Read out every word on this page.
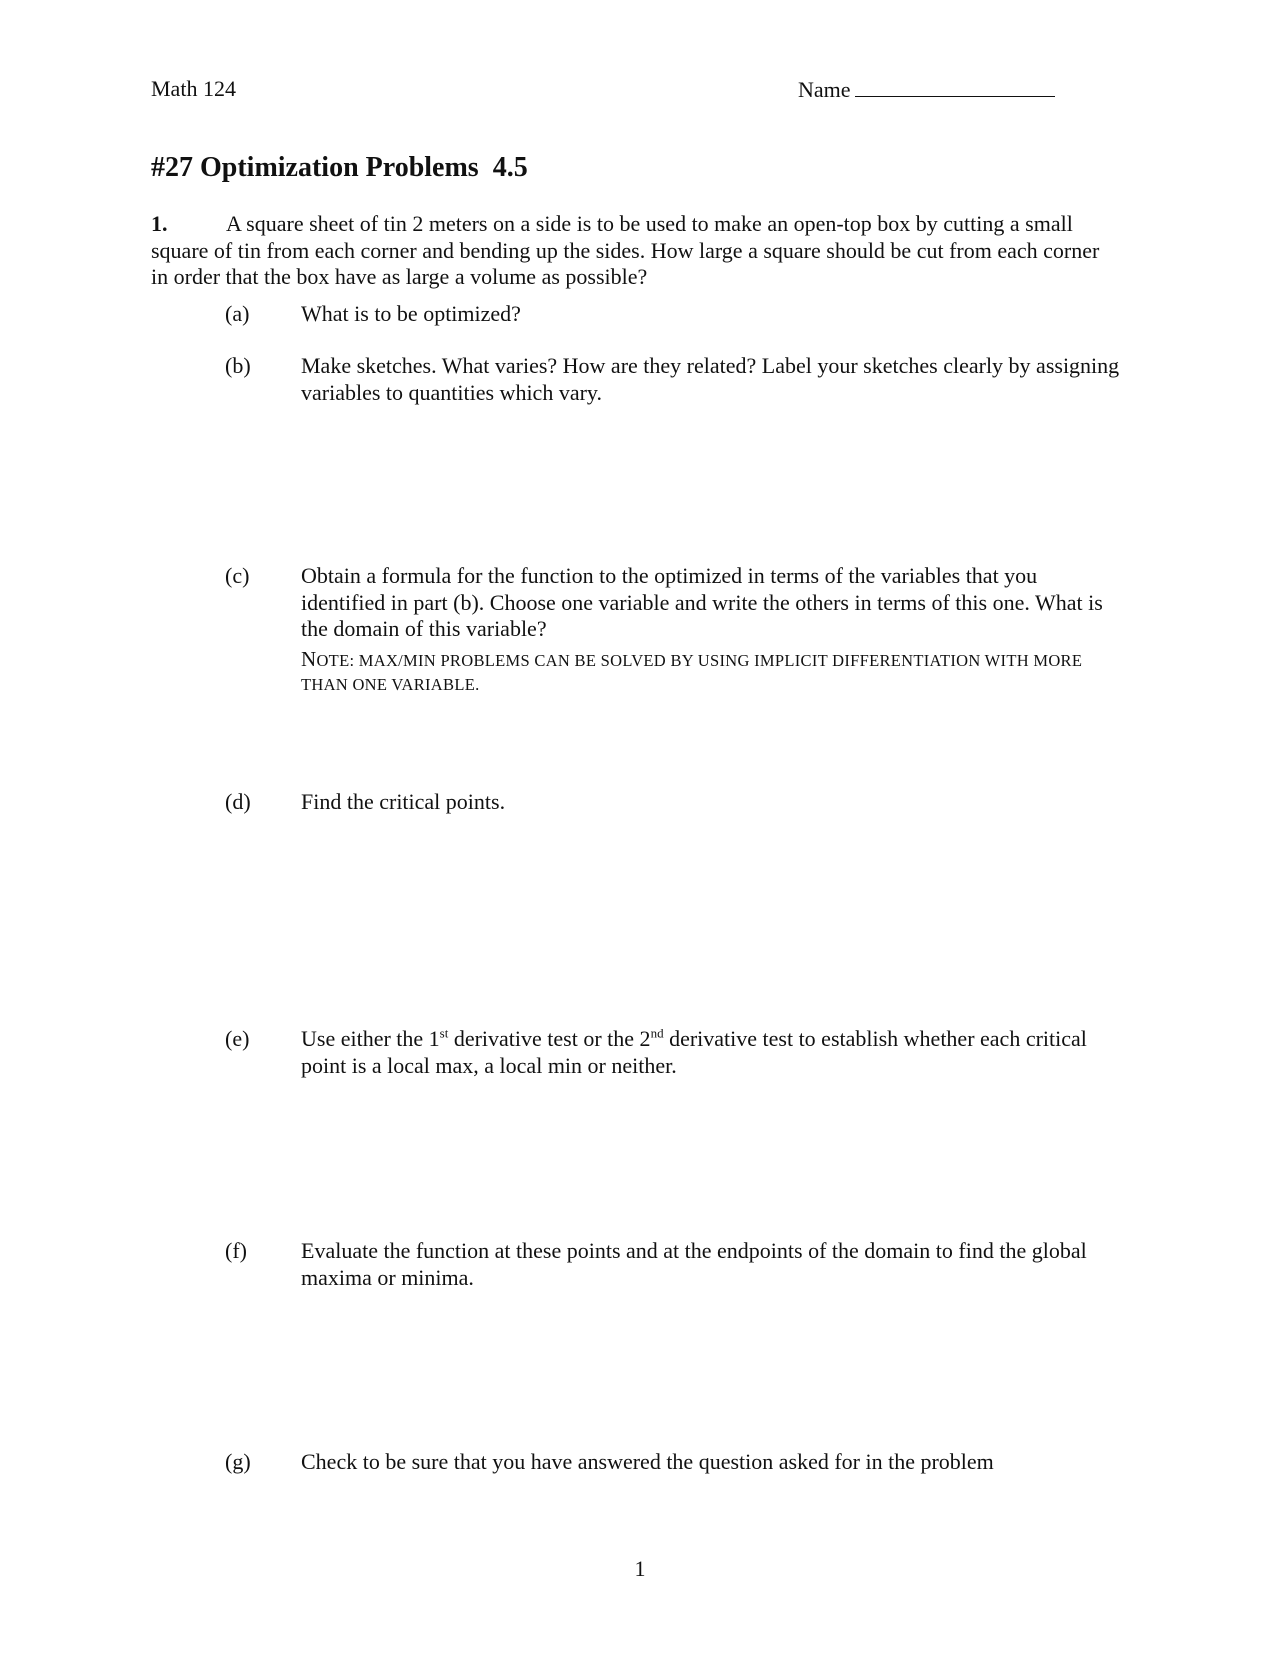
Math 124	Name
#27 Optimization Problems  4.5
1.	A square sheet of tin 2 meters on a side is to be used to make an open-top box by cutting a small square of tin from each corner and bending up the sides. How large a square should be cut from each corner in order that the box have as large a volume as possible?
(a)	What is to be optimized?
(b)	Make sketches. What varies? How are they related? Label your sketches clearly by assigning variables to quantities which vary.
(c)	Obtain a formula for the function to the optimized in terms of the variables that you identified in part (b). Choose one variable and write the others in terms of this one. What is the domain of this variable?
NOTE: MAX/MIN PROBLEMS CAN BE SOLVED BY USING IMPLICIT DIFFERENTIATION WITH MORE THAN ONE VARIABLE.
(d)	Find the critical points.
(e)	Use either the 1st derivative test or the 2nd derivative test to establish whether each critical point is a local max, a local min or neither.
(f)	Evaluate the function at these points and at the endpoints of the domain to find the global maxima or minima.
(g)	Check to be sure that you have answered the question asked for in the problem
1
